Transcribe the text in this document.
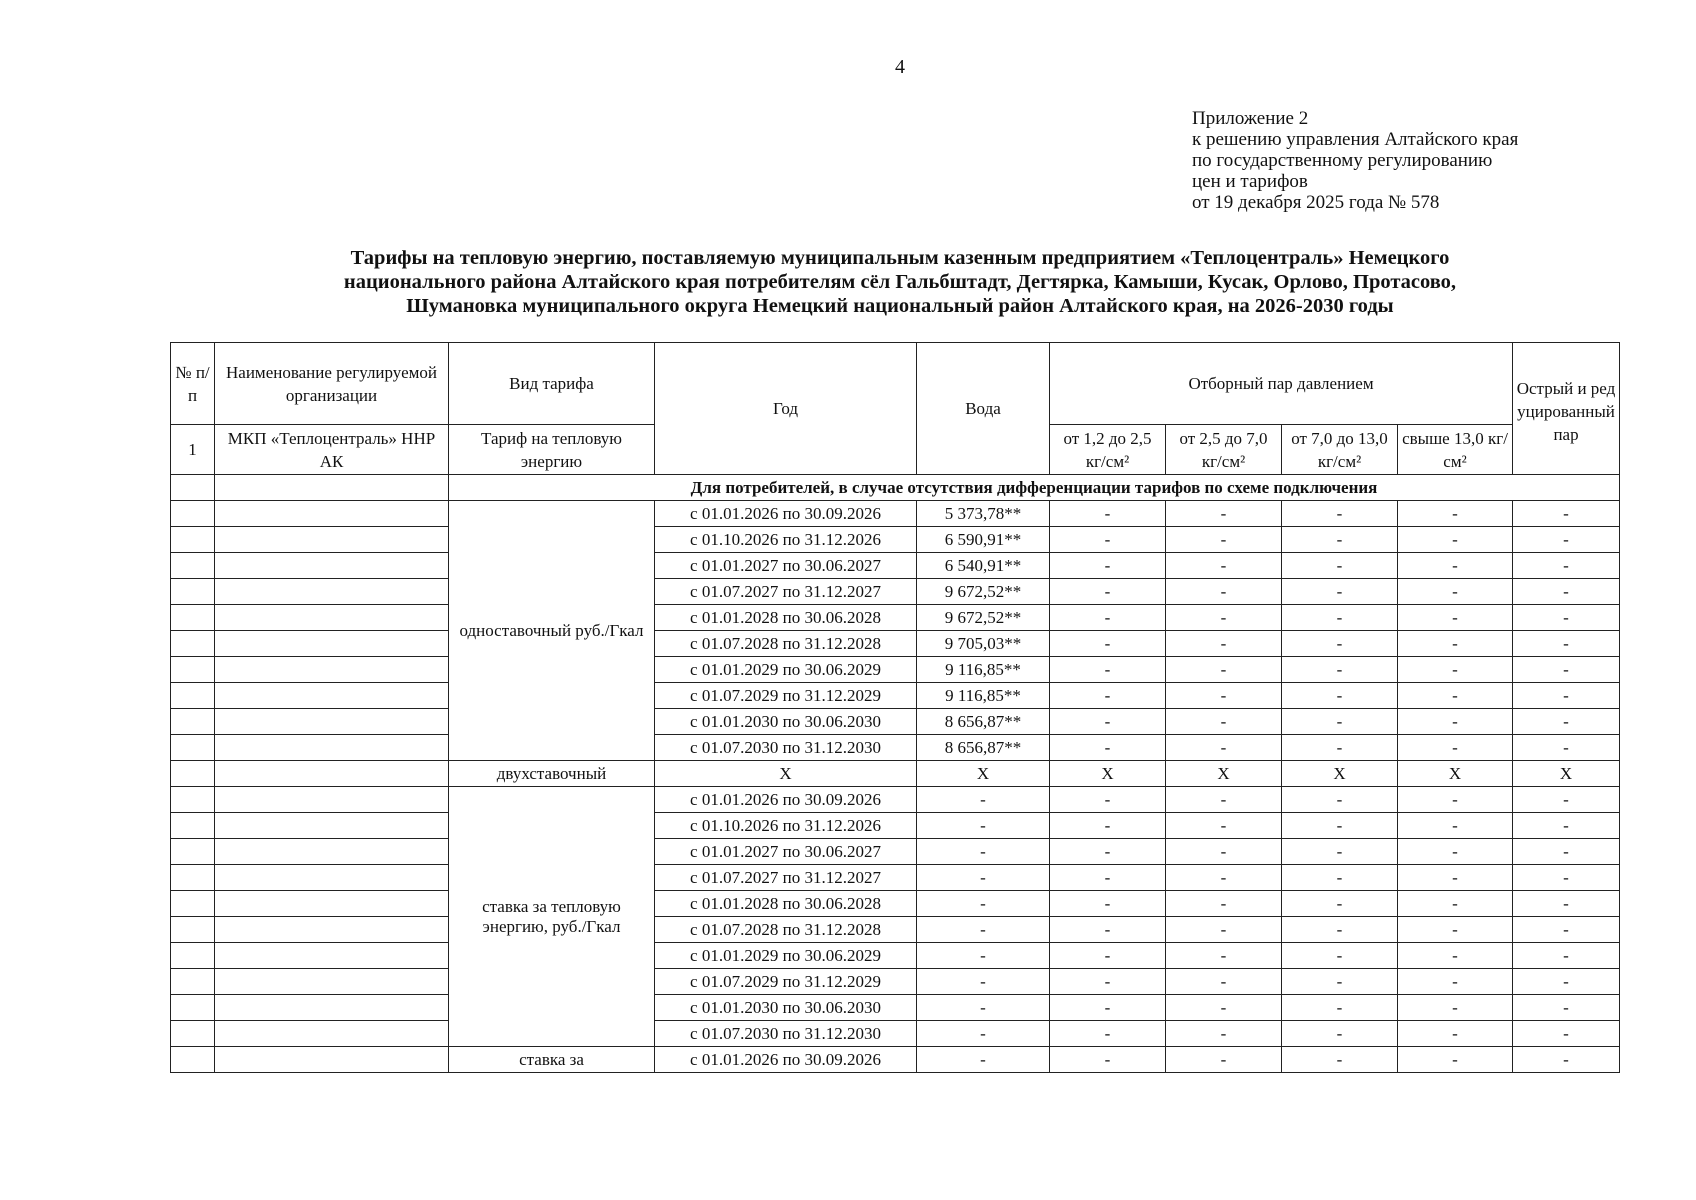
4
Приложение 2
к решению управления Алтайского края
по государственному регулированию
цен и тарифов
от 19 декабря 2025 года № 578
Тарифы на тепловую энергию, поставляемую муниципальным казенным предприятием «Теплоцентраль» Немецкого
национального района Алтайского края потребителям сёл Гальбштадт, Дегтярка, Камыши, Кусак, Орлово, Протасово,
Шумановка муниципального округа Немецкий национальный район Алтайского края, на 2026-2030 годы
№ п/п	Наименование регулируемой организации	Вид тарифа	Год	Вода	Отборный пар давлением				Острый и редуцированный пар
1	МКП «Теплоцентраль» ННР АК	Тариф на тепловую энергию			от 1,2 до 2,5 кг/см²	от 2,5 до 7,0 кг/см²	от 7,0 до 13,0 кг/см²	свыше 13,0 кг/см²	
		Для потребителей, в случае отсутствия дифференциации тарифов по схеме подключения							
		одноставочный руб./Гкал	с 01.01.2026 по 30.09.2026	5 373,78**	-	-	-	-	-
			с 01.10.2026 по 31.12.2026	6 590,91**	-	-	-	-	-
			с 01.01.2027 по 30.06.2027	6 540,91**	-	-	-	-	-
			с 01.07.2027 по 31.12.2027	9 672,52**	-	-	-	-	-
			с 01.01.2028 по 30.06.2028	9 672,52**	-	-	-	-	-
			с 01.07.2028 по 31.12.2028	9 705,03**	-	-	-	-	-
			с 01.01.2029 по 30.06.2029	9 116,85**	-	-	-	-	-
			с 01.07.2029 по 31.12.2029	9 116,85**	-	-	-	-	-
			с 01.01.2030 по 30.06.2030	8 656,87**	-	-	-	-	-
			с 01.07.2030 по 31.12.2030	8 656,87**	-	-	-	-	-
		двухставочный	Х	Х	Х	Х	Х	Х	Х
		ставка за тепловую энергию, руб./Гкал	с 01.01.2026 по 30.09.2026	-	-	-	-	-	-
			с 01.10.2026 по 31.12.2026	-	-	-	-	-	-
			с 01.01.2027 по 30.06.2027	-	-	-	-	-	-
			с 01.07.2027 по 31.12.2027	-	-	-	-	-	-
			с 01.01.2028 по 30.06.2028	-	-	-	-	-	-
			с 01.07.2028 по 31.12.2028	-	-	-	-	-	-
			с 01.01.2029 по 30.06.2029	-	-	-	-	-	-
			с 01.07.2029 по 31.12.2029	-	-	-	-	-	-
			с 01.01.2030 по 30.06.2030	-	-	-	-	-	-
			с 01.07.2030 по 31.12.2030	-	-	-	-	-	-
		ставка за	с 01.01.2026 по 30.09.2026	-	-	-	-	-	-
